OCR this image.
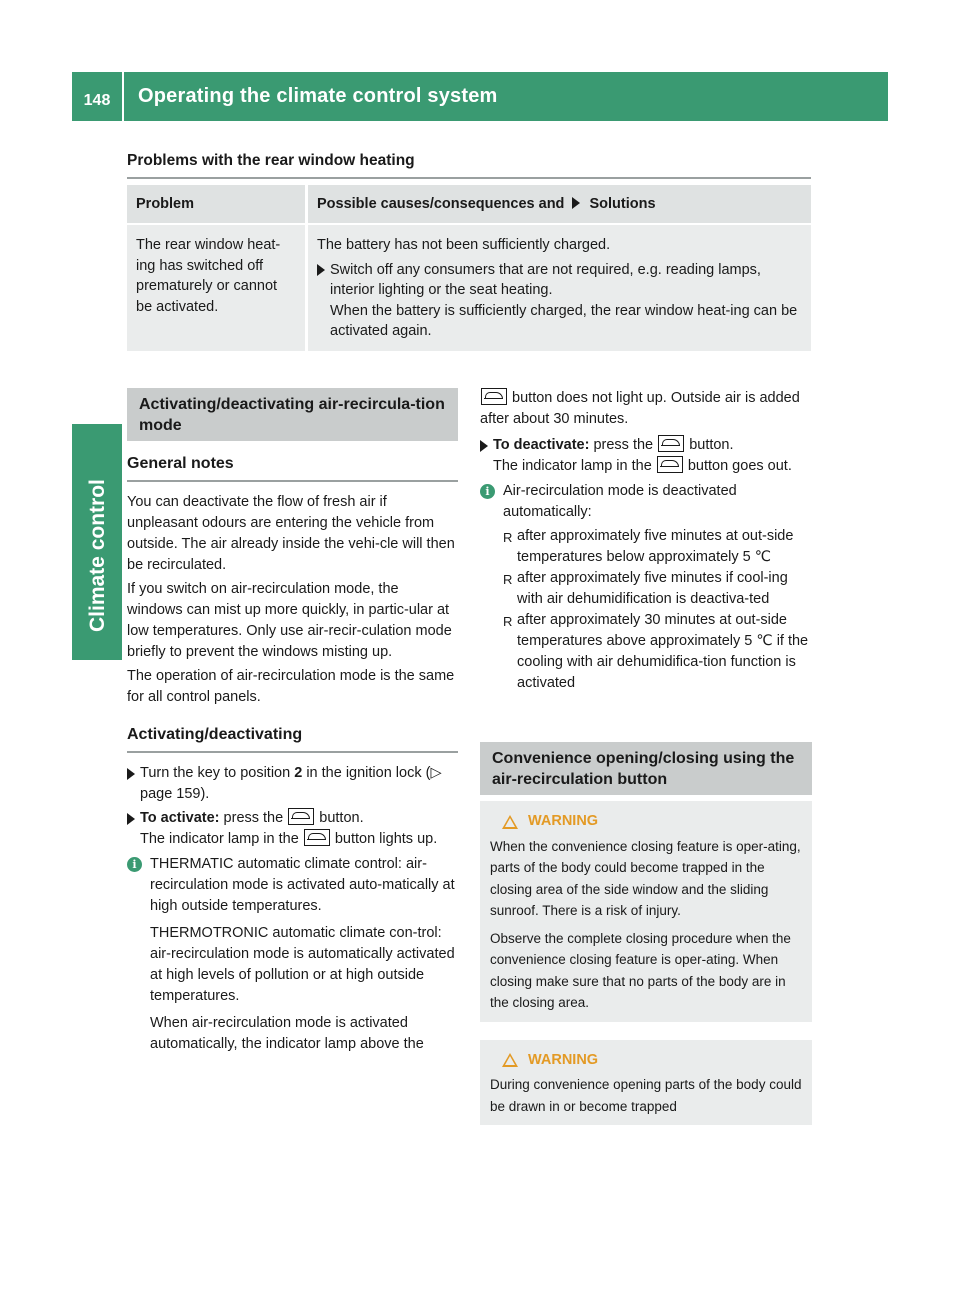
148	Operating the climate control system
Climate control
Problems with the rear window heating
Problem	Possible causes/consequences and Solutions
The rear window heat-ing has switched off prematurely or cannot be activated.
The battery has not been sufficiently charged.
Switch off any consumers that are not required, e.g. reading lamps, interior lighting or the seat heating.
When the battery is sufficiently charged, the rear window heat-ing can be activated again.
Activating/deactivating air-recircula-tion mode
General notes

You can deactivate the flow of fresh air if unpleasant odours are entering the vehicle from outside. The air already inside the vehi-cle will then be recirculated.

If you switch on air-recirculation mode, the windows can mist up more quickly, in partic-ular at low temperatures. Only use air-recir-culation mode briefly to prevent the windows misting up.

The operation of air-recirculation mode is the same for all control panels.

Activating/deactivating
Turn the key to position 2 in the ignition lock (▷ page 159).
To activate: press the button.
The indicator lamp in the button lights up.
i THERMATIC automatic climate control: air-recirculation mode is activated auto-matically at high outside temperatures.

THERMOTRONIC automatic climate con-trol: air-recirculation mode is automatically activated at high levels of pollution or at high outside temperatures.

When air-recirculation mode is activated automatically, the indicator lamp above the

button does not light up. Outside air is added after about 30 minutes.
To deactivate: press the button.
The indicator lamp in the button goes out.
i Air-recirculation mode is deactivated automatically:
R after approximately five minutes at out-side temperatures below approximately 5 ℃
R after approximately five minutes if cool-ing with air dehumidification is deactiva-ted
R after approximately 30 minutes at out-side temperatures above approximately 5 ℃ if the cooling with air dehumidifica-tion function is activated
Convenience opening/closing using the air-recirculation button
WARNING

When the convenience closing feature is oper-ating, parts of the body could become trapped in the closing area of the side window and the sliding sunroof. There is a risk of injury.

Observe the complete closing procedure when the convenience closing feature is oper-ating. When closing make sure that no parts of the body are in the closing area.

WARNING

During convenience opening parts of the body could be drawn in or become trapped
